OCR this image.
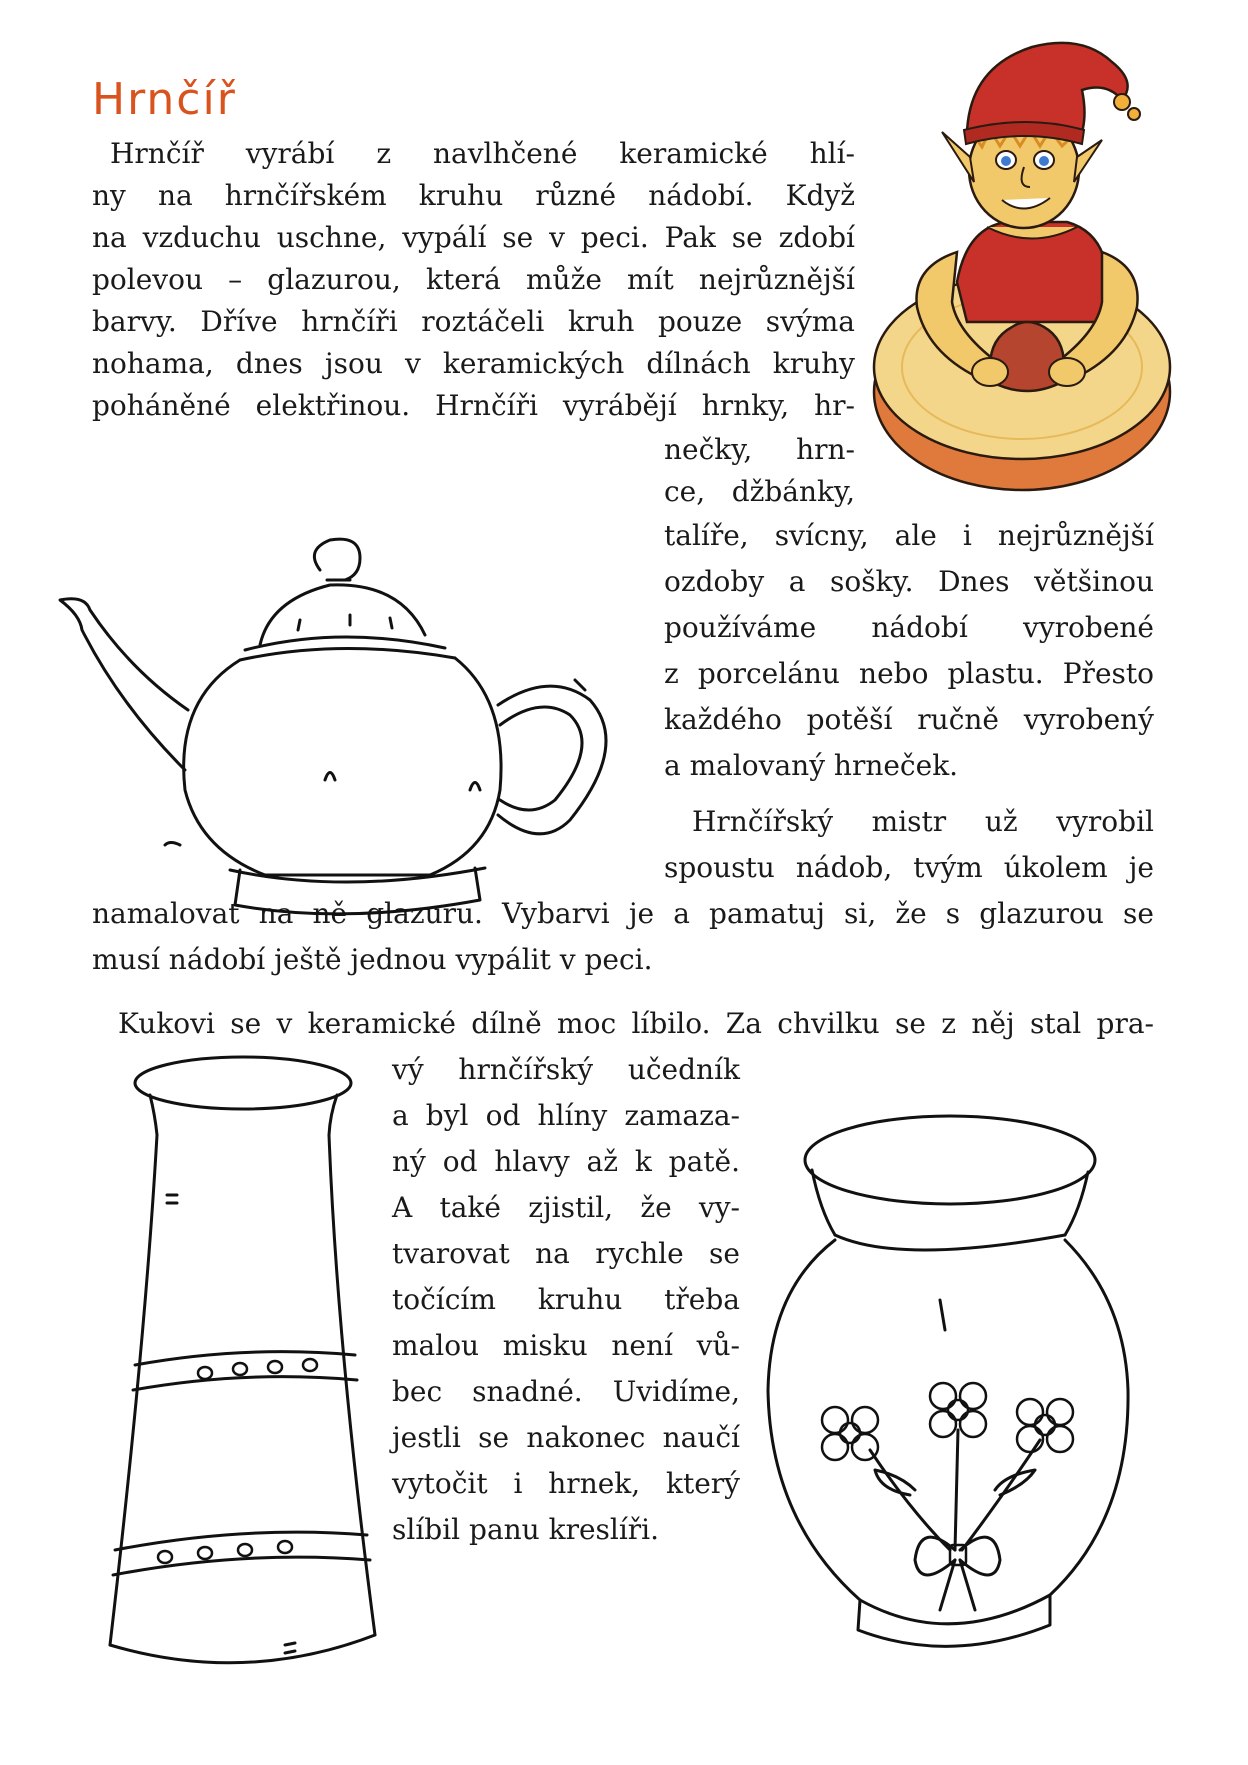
Hrnčíř

Hrnčíř vyrábí z navlhčené keramické hlí-

ny na hrnčířském kruhu různé nádobí. Když

na vzduchu uschne, vypálí se v peci. Pak se zdobí

polevou – glazurou, která může mít nejrůznější

barvy. Dříve hrnčíři roztáčeli kruh pouze svýma

nohama, dnes jsou v keramických dílnách kruhy

poháněné elektřinou. Hrnčíři vyrábějí hrnky, hr-

nečky, hrn-

ce, džbánky,

talíře, svícny, ale i nejrůznější

ozdoby a sošky. Dnes většinou

používáme nádobí vyrobené

z porcelánu nebo plastu. Přesto

každého potěší ručně vyrobený

a malovaný hrneček.

Hrnčířský mistr už vyrobil

spoustu nádob, tvým úkolem je

namalovat na ně glazuru. Vybarvi je a pamatuj si, že s glazurou se

musí nádobí ještě jednou vypálit v peci.

Kukovi se v keramické dílně moc líbilo. Za chvilku se z něj stal pra-

vý hrnčířský učedník

a byl od hlíny zamaza-

ný od hlavy až k patě.

A také zjistil, že vy-

tvarovat na rychle se

točícím kruhu třeba

malou misku není vů-

bec snadné. Uvidíme,

jestli se nakonec naučí

vytočit i hrnek, který

slíbil panu kreslíři.
